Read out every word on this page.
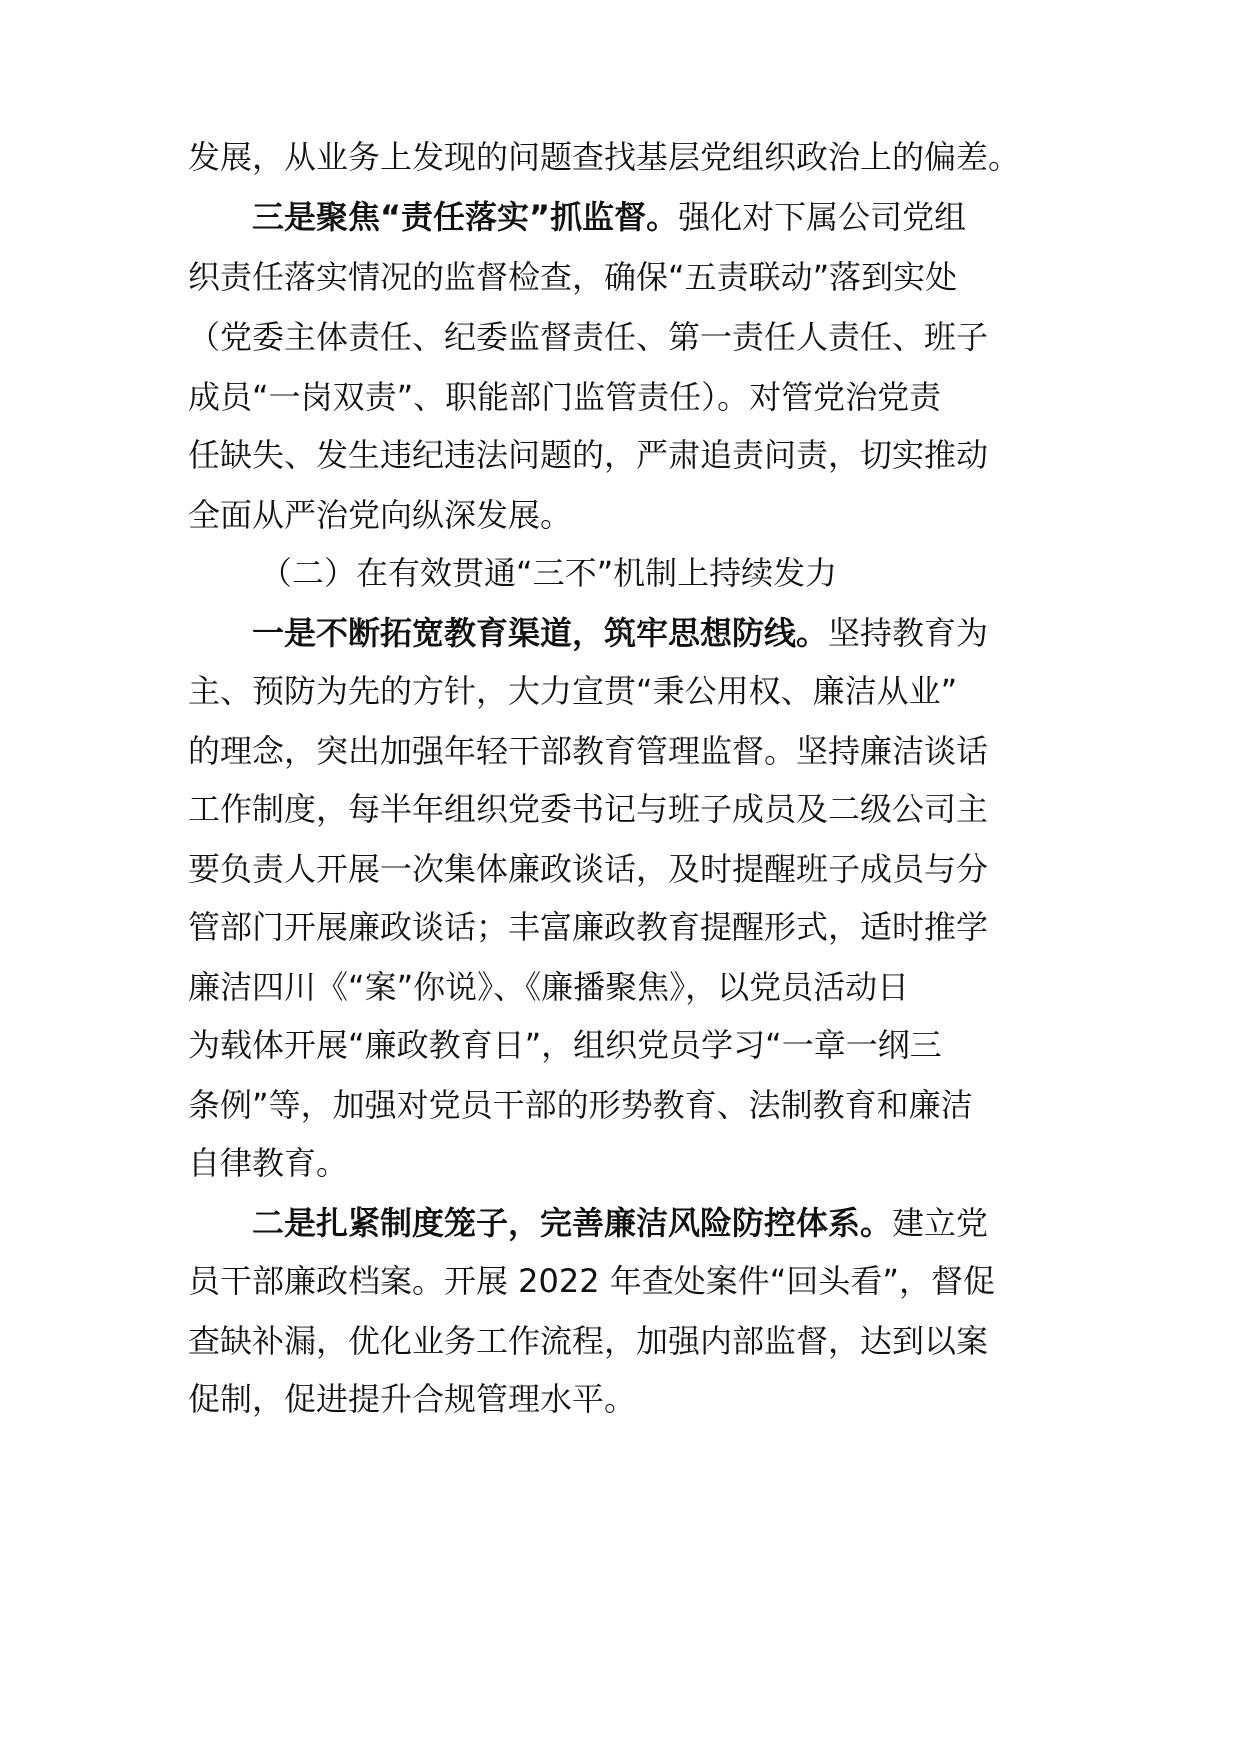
发展，从业务上发现的问题查找基层党组织政治上的偏差。
三是聚焦“责任落实”抓监督。强化对下属公司党组
织责任落实情况的监督检查，确保“五责联动”落到实处
（党委主体责任、纪委监督责任、第一责任人责任、班子
成员“一岗双责”、职能部门监管责任）。对管党治党责
任缺失、发生违纪违法问题的，严肃追责问责，切实推动
全面从严治党向纵深发展。
（二）在有效贯通“三不”机制上持续发力
一是不断拓宽教育渠道，筑牢思想防线。坚持教育为
主、预防为先的方针，大力宣贯“秉公用权、廉洁从业”
的理念，突出加强年轻干部教育管理监督。坚持廉洁谈话
工作制度，每半年组织党委书记与班子成员及二级公司主
要负责人开展一次集体廉政谈话，及时提醒班子成员与分
管部门开展廉政谈话；丰富廉政教育提醒形式，适时推学
廉洁四川《“案”你说》、《廉播聚焦》，以党员活动日
为载体开展“廉政教育日”，组织党员学习“一章一纲三
条例”等，加强对党员干部的形势教育、法制教育和廉洁
自律教育。
二是扎紧制度笼子，完善廉洁风险防控体系。建立党
员干部廉政档案。开展 2022 年查处案件“回头看”，督促
查缺补漏，优化业务工作流程，加强内部监督，达到以案
促制，促进提升合规管理水平。
